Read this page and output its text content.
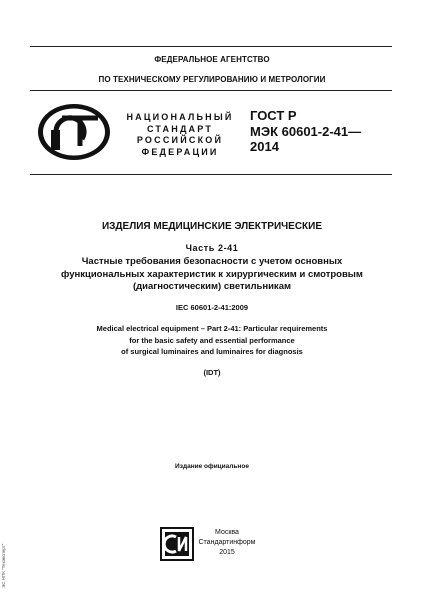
ФЕДЕРАЛЬНОЕ АГЕНТСТВО
ПО ТЕХНИЧЕСКОМУ РЕГУЛИРОВАНИЮ И МЕТРОЛОГИИ
НАЦИОНАЛЬНЫЙ
СТАНДАРТ
РОССИЙСКОЙ
ФЕДЕРАЦИИ
ГОСТ Р
МЭК 60601-2-41—
2014
ИЗДЕЛИЯ МЕДИЦИНСКИЕ ЭЛЕКТРИЧЕСКИЕ
Часть 2-41
Частные требования безопасности с учетом основных
функциональных характеристик к хирургическим и смотровым
(диагностическим) светильникам
IEC 60601-2-41:2009
Medical electrical equipment – Part 2-41: Particular requirements
for the basic safety and essential performance
of surgical luminaires and luminaires for diagnosis
(IDT)
Издание официальное
Москва
Стандартинформ
2015
ЭС НПК "Техэксперт"
